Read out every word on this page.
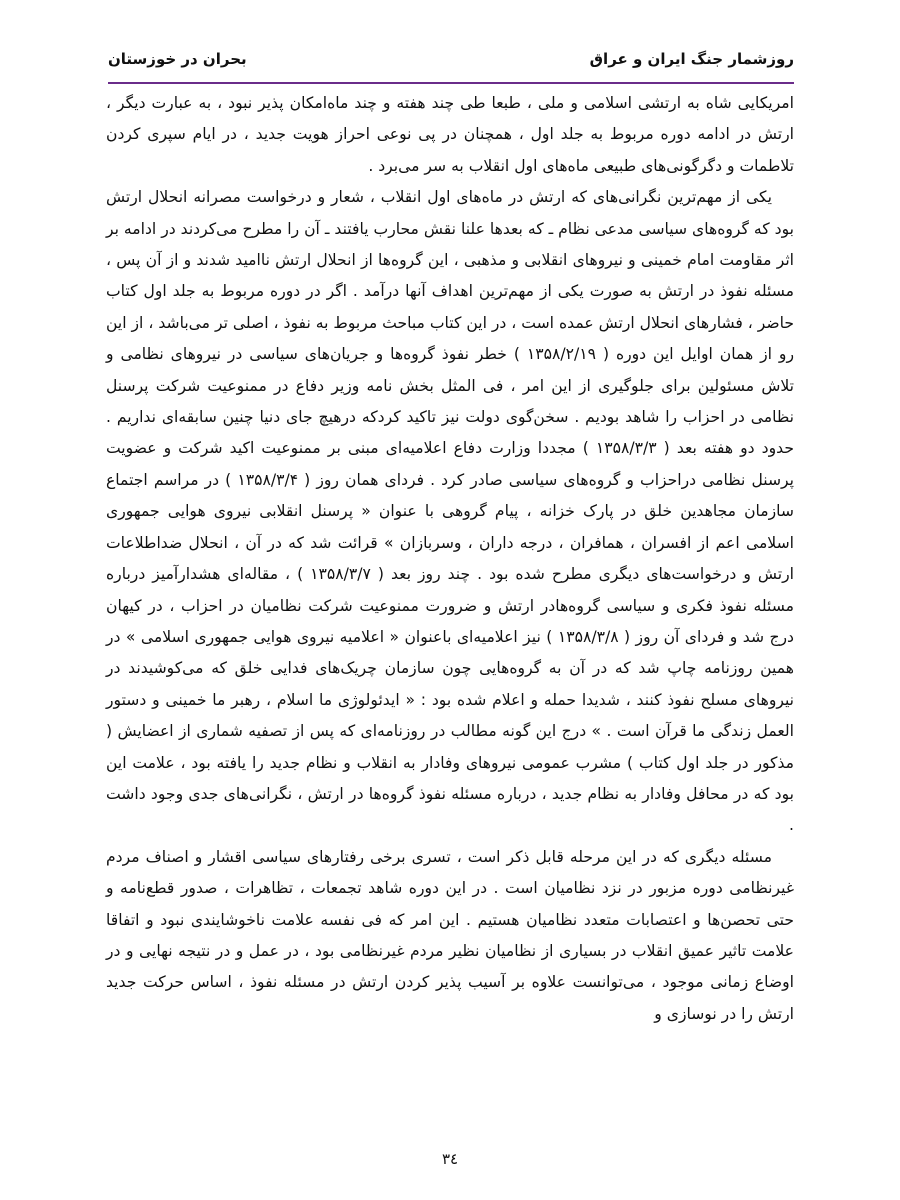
روزشمار جنگ ایران و عراق
بحران در خوزستان

امریکایی شاه به ارتشی اسلامی و ملی ، طبعا طی چند هفته و چند ماه‌امکان پذیر نبود ، به عبارت دیگر ، ارتش در ادامه دوره مربوط به جلد اول ، همچنان در پی نوعی احراز هویت جدید ، در ایام سپری کردن تلاطمات و دگرگونی‌های طبیعی ماه‌های اول انقلاب به سر می‌برد .

یکی از مهم‌ترین نگرانی‌های که ارتش در ماه‌های اول انقلاب ، شعار و درخواست مصرانه انحلال ارتش بود که گروه‌های سیاسی مدعی نظام ـ که بعدها علنا نقش محارب یافتند ـ آن را مطرح می‌کردند در ادامه بر اثر مقاومت امام خمینی و نیروهای انقلابی و مذهبی ، این گروه‌ها از انحلال ارتش ناامید شدند و از آن پس ، مسئله نفوذ در ارتش به صورت یکی از مهم‌ترین اهداف آنها درآمد . اگر در دوره مربوط به جلد اول کتاب حاضر ، فشارهای انحلال ارتش عمده است ، در این کتاب مباحث مربوط به نفوذ ، اصلی تر می‌باشد ، از این رو از همان اوایل این دوره ( ۱۳۵۸/۲/۱۹ ) خطر نفوذ گروه‌ها و جریان‌های سیاسی در نیروهای نظامی و تلاش مسئولین برای جلوگیری از این امر ، فی المثل بخش نامه وزیر دفاع در ممنوعیت شرکت پرسنل نظامی در احزاب را شاهد بودیم . سخن‌گوی دولت نیز تاکید کردکه درهیچ جای دنیا چنین سابقه‌ای نداریم . حدود دو هفته بعد ( ۱۳۵۸/۳/۳ ) مجددا وزارت دفاع اعلامیه‌ای مبنی بر ممنوعیت اکید شرکت و عضویت پرسنل نظامی دراحزاب و گروه‌های سیاسی صادر کرد . فردای همان روز ( ۱۳۵۸/۳/۴ ) در مراسم اجتماع سازمان مجاهدین خلق در پارک خزانه ، پیام گروهی با عنوان « پرسنل انقلابی نیروی هوایی جمهوری اسلامی اعم از افسران ، همافران ، درجه داران ، وسربازان » قرائت شد که در آن ، انحلال ضداطلاعات ارتش و درخواست‌های دیگری مطرح شده بود . چند روز بعد ( ۱۳۵۸/۳/۷ ) ، مقاله‌ای هشدارآمیز درباره مسئله نفوذ فکری و سیاسی گروه‌هادر ارتش و ضرورت ممنوعیت شرکت نظامیان در احزاب ، در کیهان درج شد و فردای آن روز ( ۱۳۵۸/۳/۸ ) نیز اعلامیه‌ای باعنوان « اعلامیه نیروی هوایی جمهوری اسلامی » در همین روزنامه چاپ شد که در آن به گروه‌هایی چون سازمان چریک‌های فدایی خلق که می‌کوشیدند در نیروهای مسلح نفوذ کنند ، شدیدا حمله و اعلام شده بود : « ایدئولوژی ما اسلام ، رهبر ما خمینی و دستور العمل زندگی ما قرآن است . » درج این گونه مطالب در روزنامه‌ای که پس از تصفیه شماری از اعضایش ( مذکور در جلد اول کتاب ) مشرب عمومی نیروهای وفادار به انقلاب و نظام جدید را یافته بود ، علامت این بود که در محافل وفادار به نظام جدید ، درباره مسئله نفوذ گروه‌ها در ارتش ، نگرانی‌های جدی وجود داشت .

مسئله دیگری که در این مرحله قابل ذکر است ، تسری برخی رفتارهای سیاسی اقشار و اصناف مردم غیرنظامی دوره مزبور در نزد نظامیان است . در این دوره شاهد تجمعات ، تظاهرات ، صدور قطع‌نامه و حتی تحصن‌ها و اعتصابات متعدد نظامیان هستیم . این امر که فی نفسه علامت ناخوشایندی نبود و اتفاقا علامت تاثیر عمیق انقلاب در بسیاری از نظامیان نظیر مردم غیرنظامی بود ، در عمل و در نتیجه نهایی و در اوضاع زمانی موجود ، می‌توانست علاوه بر آسیب پذیر کردن ارتش در مسئله نفوذ ، اساس حرکت جدید ارتش را در نوسازی و

٣٤
